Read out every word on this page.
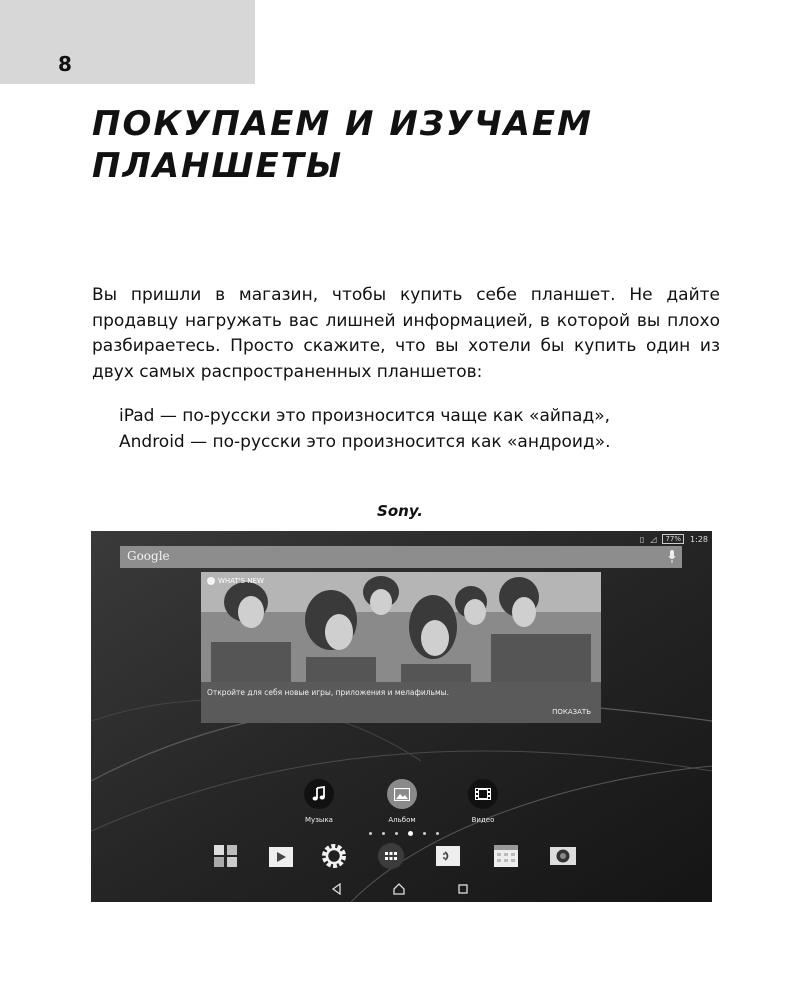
8
ПОКУПАЕМ И ИЗУЧАЕМ
ПЛАНШЕТЫ
Вы пришли в магазин, чтобы купить себе планшет. Не дайте продавцу нагружать вас лишней информацией, в которой вы плохо разбираетесь. Просто скажите, что вы хотели бы купить один из двух самых распространенных планшетов:
iPad — по-русски это произносится чаще как «айпад»,
Android — по-русски это произносится как «андроид».
Sony.
▯ ◿	77%	1:28
Google
WHAT'S NEW
Откройте для себя новые игры, приложения и мелафильмы.
ПОКАЗАТЬ
Музыка	Альбом	Видео
